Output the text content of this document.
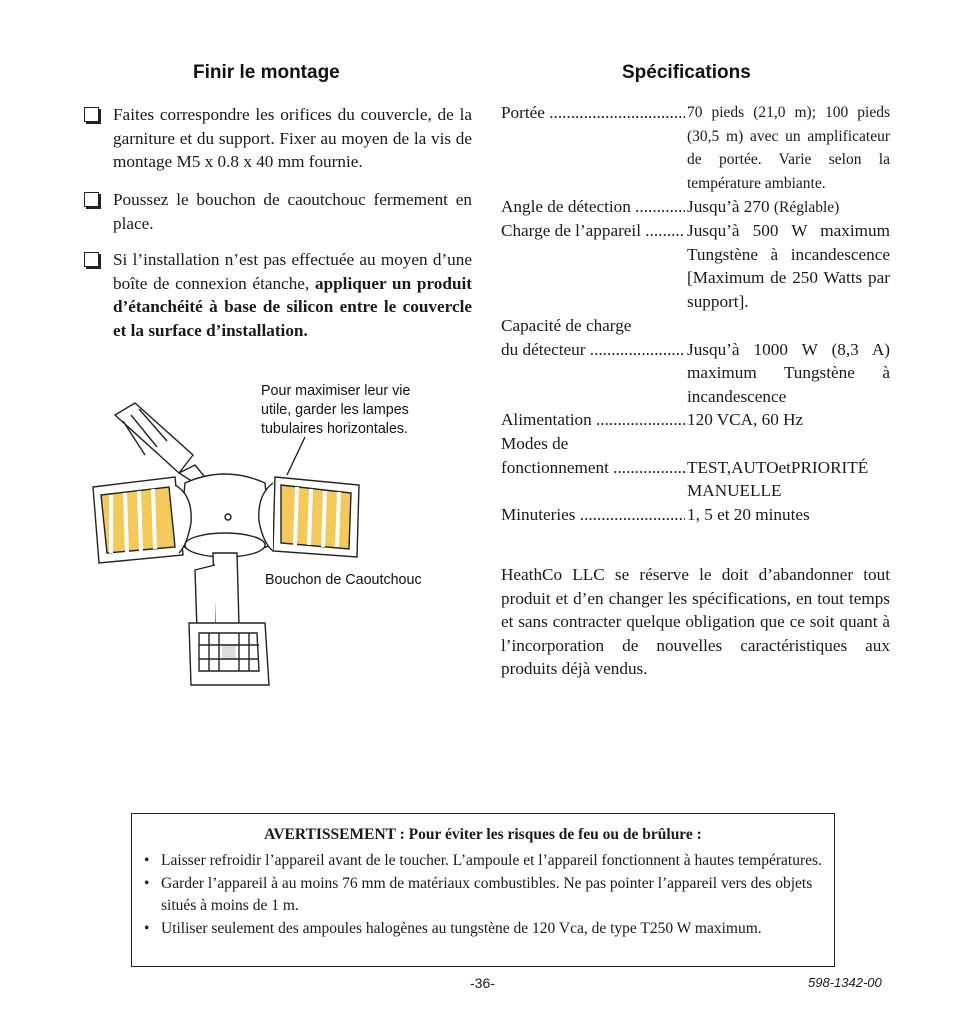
Finir le montage
Faites correspondre les orifices du couvercle, de la garniture et du support. Fixer au moyen de la vis de montage M5 x 0.8 x 40 mm fournie.
Poussez le bouchon de caoutchouc fermement en place.
Si l’installation n’est pas effectuée au moyen d’une boîte de connexion étanche, appliquer un produit d’étanchéité à base de silicon entre le couvercle et la surface d’installation.
Pour maximiser leur vie
utile, garder les lampes
tubulaires horizontales.
Bouchon de Caoutchouc
Spécifications
Portée .....	70 pieds (21,0 m); 100 pieds (30,5 m) avec un amplificateur de portée. Varie selon la température ambiante.
Angle de détection .....	Jusqu’à 270 (Réglable)
Charge de l’appareil .....	Jusqu’à 500 W maximum Tungstène à incandescence [Maximum de 250 Watts par support].
Capacité de charge
du détecteur .....	Jusqu’à 1000 W (8,3 A) maximum Tungstène à incandescence
Alimentation .....	120 VCA, 60 Hz
Modes de
fonctionnement .....	TEST,AUTOetPRIORITÉ MANUELLE
Minuteries .....	1, 5 et 20 minutes
HeathCo LLC se réserve le doit d’abandonner tout produit et d’en changer les spécifications, en tout temps et sans contracter quelque obligation que ce soit quant à l’incorporation de nouvelles caractéristiques aux produits déjà vendus.
AVERTISSEMENT : Pour éviter les risques de feu ou de brûlure :
• Laisser refroidir l’appareil avant de le toucher. L’ampoule et l’appareil fonctionnent à hautes températures.
• Garder l’appareil à au moins 76 mm de matériaux combustibles. Ne pas pointer l’appareil vers des objets situés à moins de 1 m.
• Utiliser seulement des ampoules halogènes au tungstène de 120 Vca, de type T250 W maximum.
-36-	598-1342-00
